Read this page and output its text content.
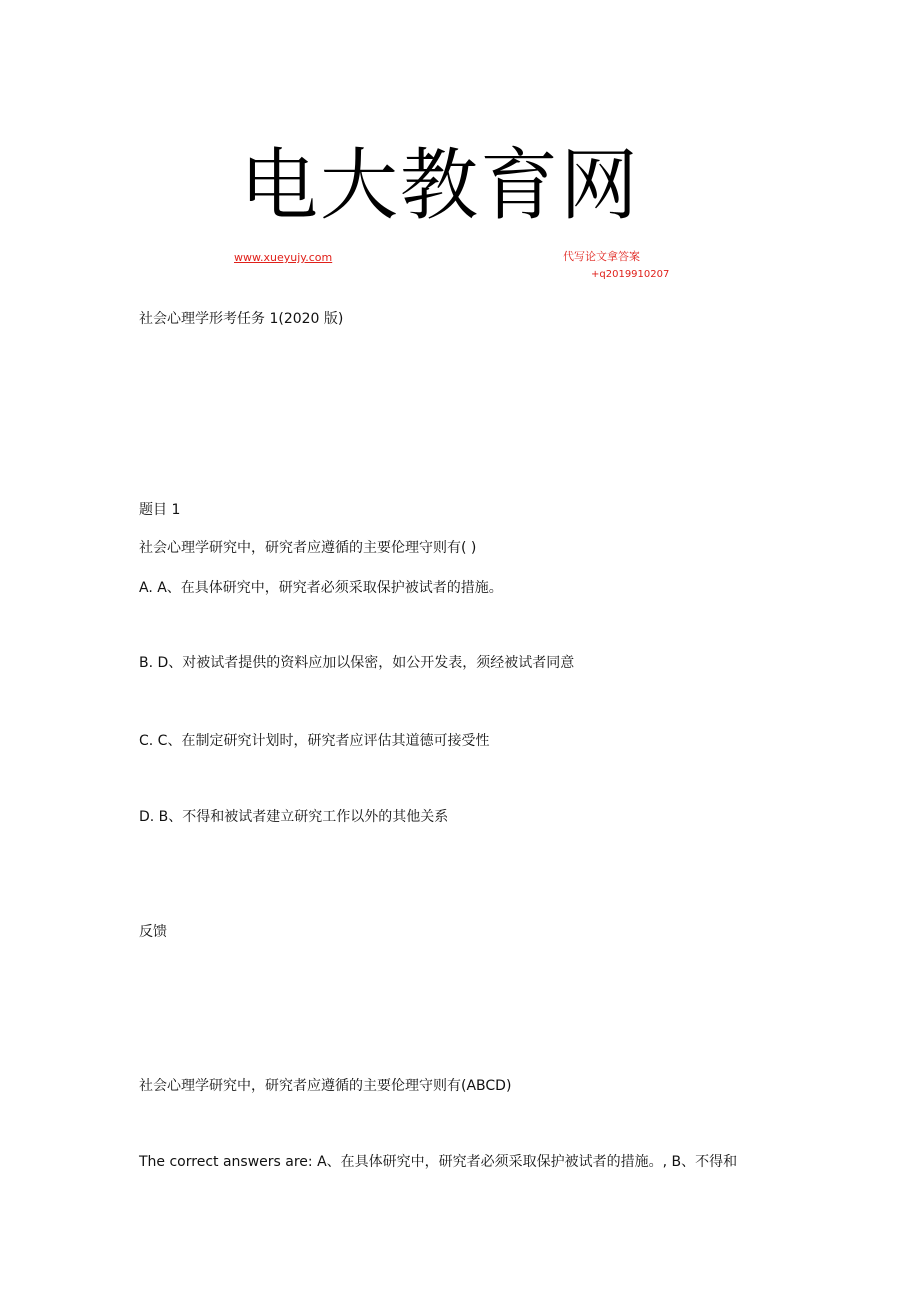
电大教育网
www.xueyujy.com	代写论文拿答案
+q2019910207
社会心理学形考任务 1(2020 版)
题目 1
社会心理学研究中，研究者应遵循的主要伦理守则有( )
A. A、在具体研究中，研究者必须采取保护被试者的措施。
B. D、对被试者提供的资料应加以保密，如公开发表，须经被试者同意
C. C、在制定研究计划时，研究者应评估其道德可接受性
D. B、不得和被试者建立研究工作以外的其他关系
反馈
社会心理学研究中，研究者应遵循的主要伦理守则有(ABCD)
The correct answers are: A、在具体研究中，研究者必须采取保护被试者的措施。, B、不得和
